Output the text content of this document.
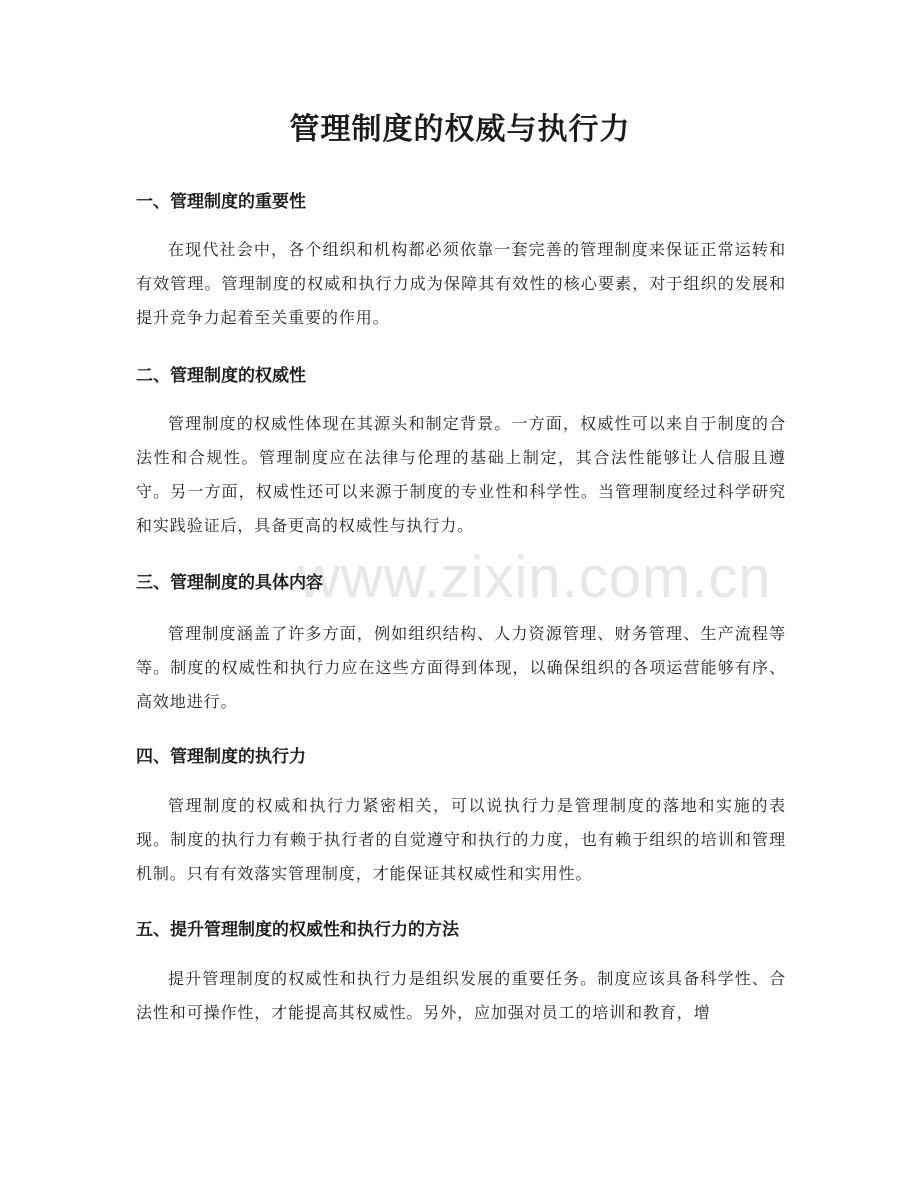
www.zixin.com.cn
管理制度的权威与执行力
一、管理制度的重要性
在现代社会中，各个组织和机构都必须依靠一套完善的管理制度来保证正常运转和有效管理。管理制度的权威和执行力成为保障其有效性的核心要素，对于组织的发展和提升竞争力起着至关重要的作用。
二、管理制度的权威性
管理制度的权威性体现在其源头和制定背景。一方面，权威性可以来自于制度的合法性和合规性。管理制度应在法律与伦理的基础上制定，其合法性能够让人信服且遵守。另一方面，权威性还可以来源于制度的专业性和科学性。当管理制度经过科学研究和实践验证后，具备更高的权威性与执行力。
三、管理制度的具体内容
管理制度涵盖了许多方面，例如组织结构、人力资源管理、财务管理、生产流程等等。制度的权威性和执行力应在这些方面得到体现，以确保组织的各项运营能够有序、高效地进行。
四、管理制度的执行力
管理制度的权威和执行力紧密相关，可以说执行力是管理制度的落地和实施的表现。制度的执行力有赖于执行者的自觉遵守和执行的力度，也有赖于组织的培训和管理机制。只有有效落实管理制度，才能保证其权威性和实用性。
五、提升管理制度的权威性和执行力的方法
提升管理制度的权威性和执行力是组织发展的重要任务。制度应该具备科学性、合法性和可操作性，才能提高其权威性。另外，应加强对员工的培训和教育，增
